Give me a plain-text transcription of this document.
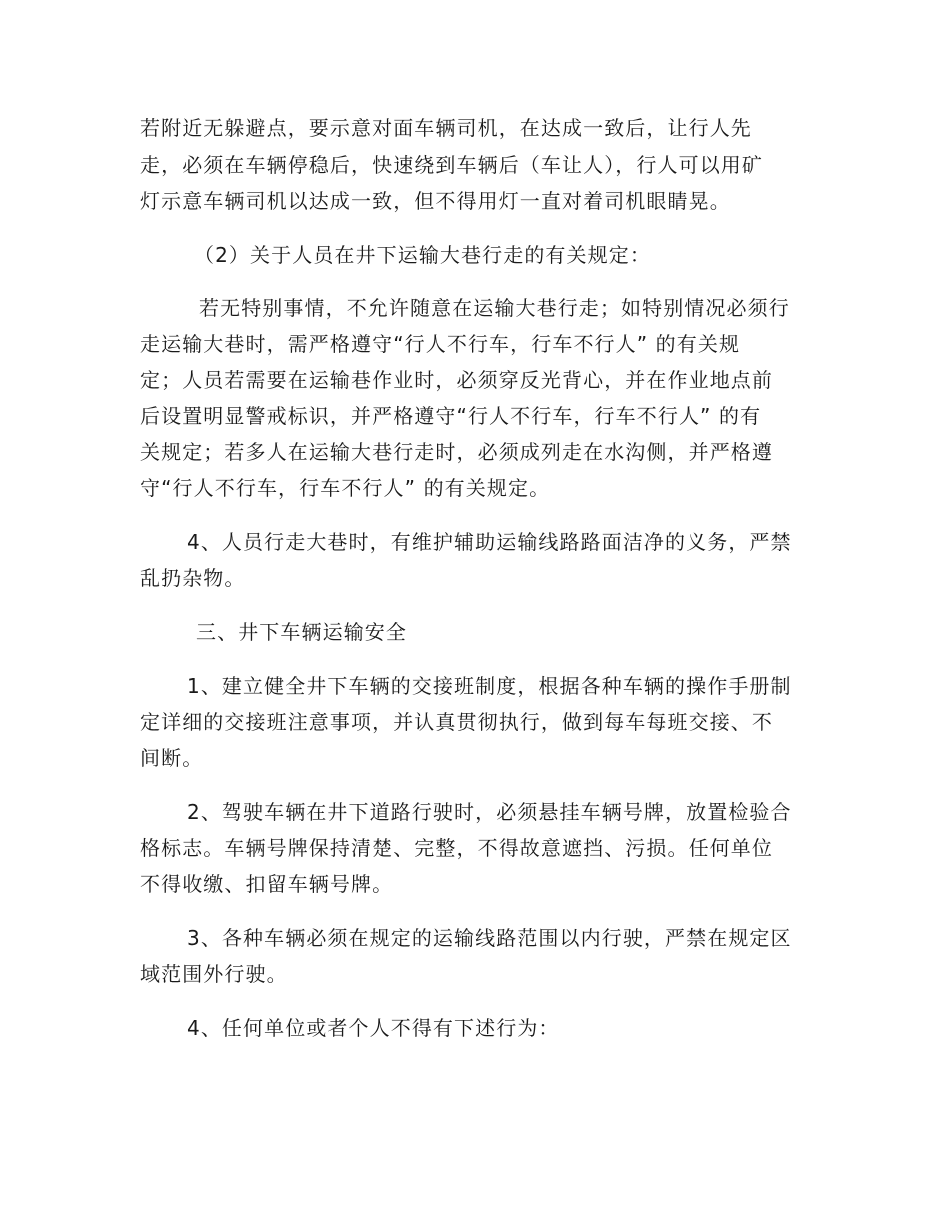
若附近无躲避点，要示意对面车辆司机，在达成一致后，让行人先
走，必须在车辆停稳后，快速绕到车辆后（车让人），行人可以用矿
灯示意车辆司机以达成一致，但不得用灯一直对着司机眼睛晃。
（2）关于人员在井下运输大巷行走的有关规定：
若无特别事情，不允许随意在运输大巷行走；如特别情况必须行
走运输大巷时，需严格遵守“行人不行车，行车不行人” 的有关规
定；人员若需要在运输巷作业时，必须穿反光背心，并在作业地点前
后设置明显警戒标识，并严格遵守“行人不行车，行车不行人” 的有
关规定；若多人在运输大巷行走时，必须成列走在水沟侧，并严格遵
守“行人不行车，行车不行人” 的有关规定。
4、人员行走大巷时，有维护辅助运输线路路面洁净的义务，严禁
乱扔杂物。
三、井下车辆运输安全
1、建立健全井下车辆的交接班制度，根据各种车辆的操作手册制
定详细的交接班注意事项，并认真贯彻执行，做到每车每班交接、不
间断。
2、驾驶车辆在井下道路行驶时，必须悬挂车辆号牌，放置检验合
格标志。车辆号牌保持清楚、完整，不得故意遮挡、污损。任何单位
不得收缴、扣留车辆号牌。
3、各种车辆必须在规定的运输线路范围以内行驶，严禁在规定区
域范围外行驶。
4、任何单位或者个人不得有下述行为：
